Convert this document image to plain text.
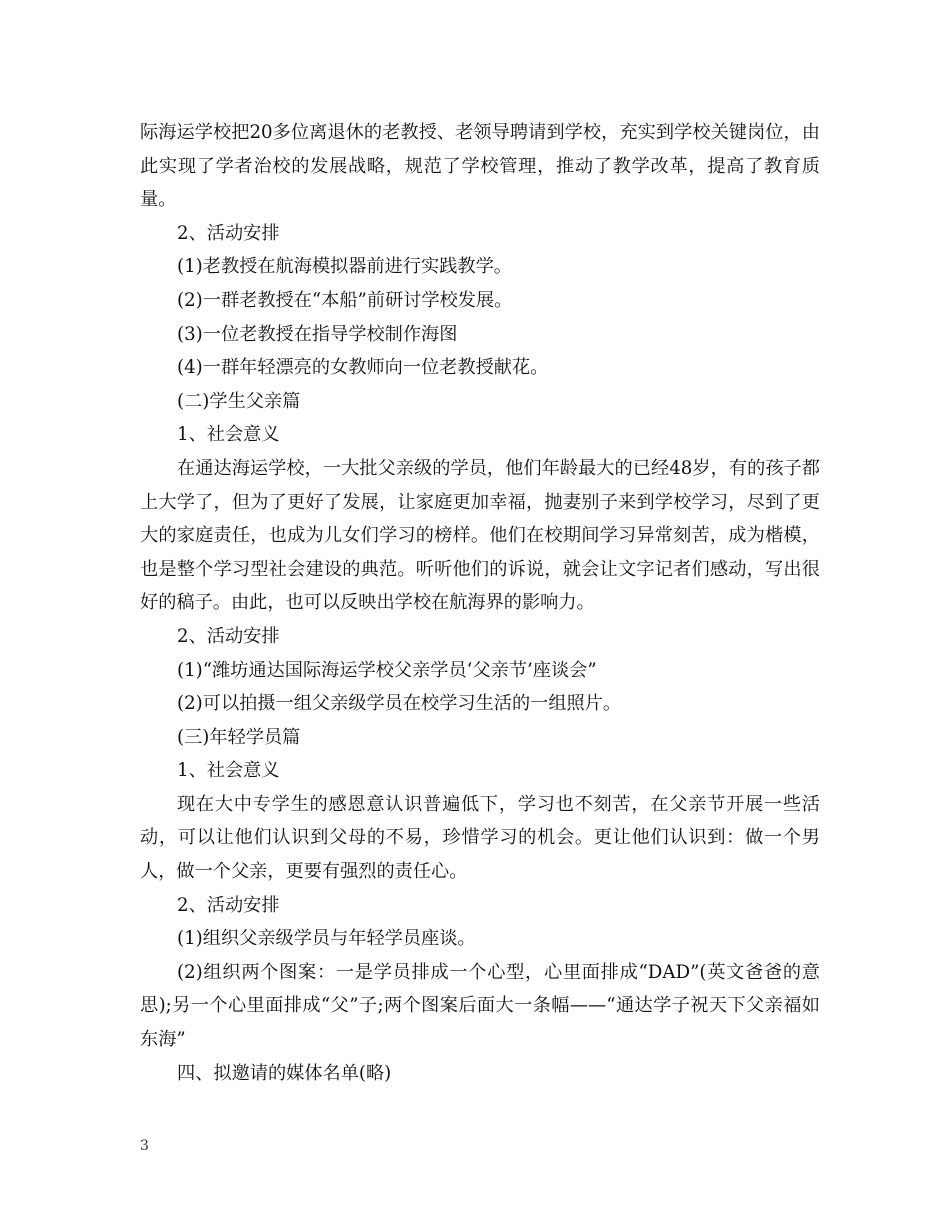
际海运学校把20多位离退休的老教授、老领导聘请到学校，充实到学校关键岗位，由此实现了学者治校的发展战略，规范了学校管理，推动了教学改革，提高了教育质量。

2、活动安排

(1)老教授在航海模拟器前进行实践教学。

(2)一群老教授在“本船”前研讨学校发展。

(3)一位老教授在指导学校制作海图

(4)一群年轻漂亮的女教师向一位老教授献花。

(二)学生父亲篇

1、社会意义

在通达海运学校，一大批父亲级的学员，他们年龄最大的已经48岁，有的孩子都上大学了，但为了更好了发展，让家庭更加幸福，抛妻别子来到学校学习，尽到了更大的家庭责任，也成为儿女们学习的榜样。他们在校期间学习异常刻苦，成为楷模，也是整个学习型社会建设的典范。听听他们的诉说，就会让文字记者们感动，写出很好的稿子。由此，也可以反映出学校在航海界的影响力。

2、活动安排

(1)“潍坊通达国际海运学校父亲学员‘父亲节’座谈会”

(2)可以拍摄一组父亲级学员在校学习生活的一组照片。

(三)年轻学员篇

1、社会意义

现在大中专学生的感恩意认识普遍低下，学习也不刻苦，在父亲节开展一些活动，可以让他们认识到父母的不易，珍惜学习的机会。更让他们认识到：做一个男人，做一个父亲，更要有强烈的责任心。

2、活动安排

(1)组织父亲级学员与年轻学员座谈。

(2)组织两个图案：一是学员排成一个心型，心里面排成“DAD”(英文爸爸的意思);另一个心里面排成“父”子;两个图案后面大一条幅——“通达学子祝天下父亲福如东海”

四、拟邀请的媒体名单(略)

3
